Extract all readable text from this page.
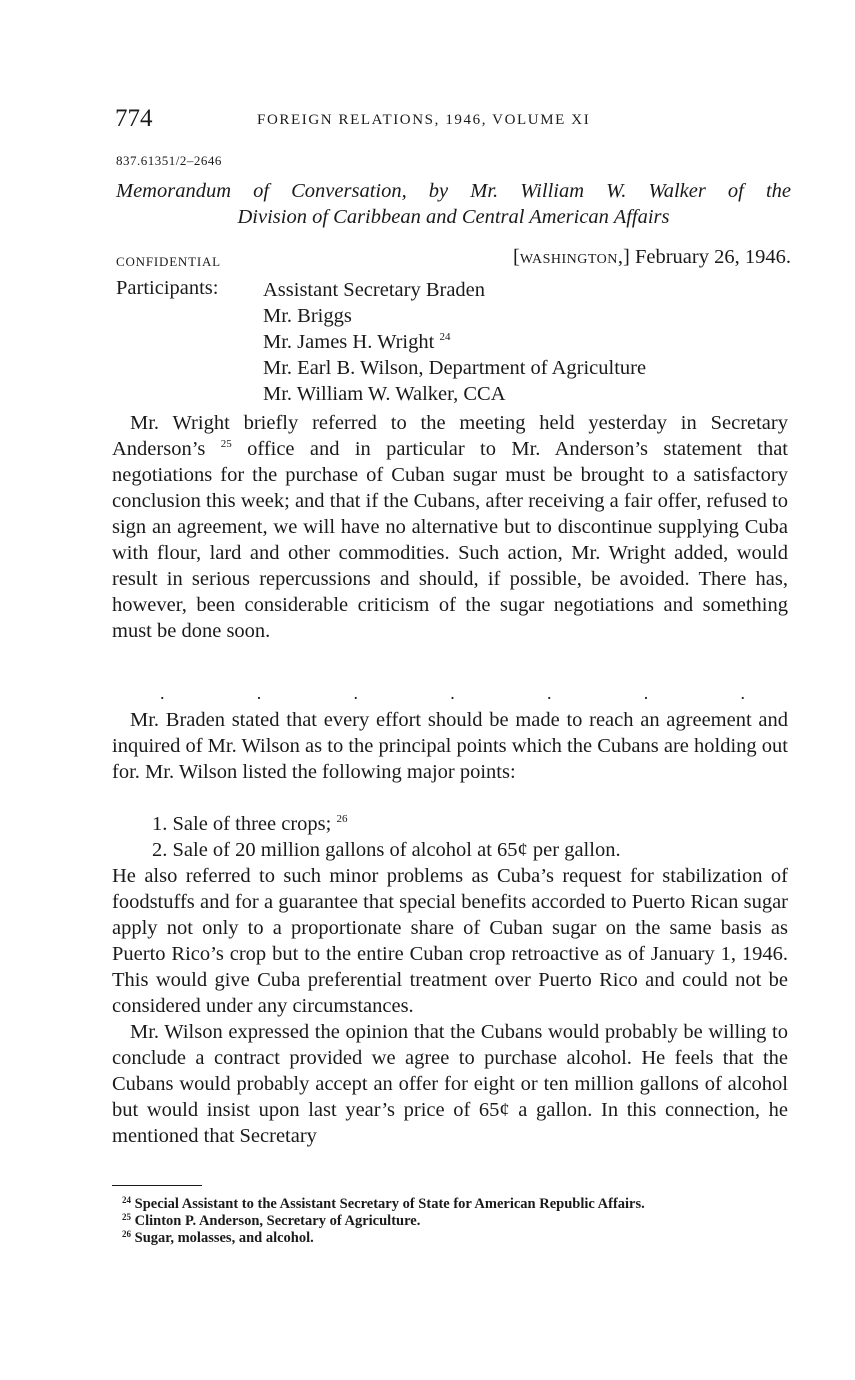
774	FOREIGN RELATIONS, 1946, VOLUME XI
837.61351/2–2646
Memorandum of Conversation, by Mr. William W. Walker of the
Division of Caribbean and Central American Affairs
CONFIDENTIAL	[WASHINGTON,] February 26, 1946.
Participants: Assistant Secretary Braden
Mr. Briggs
Mr. James H. Wright $^{24}$
Mr. Earl B. Wilson, Department of Agriculture
Mr. William W. Walker, CCA

Mr. Wright briefly referred to the meeting held yesterday in Secretary Anderson’s $^{25}$ office and in particular to Mr. Anderson’s statement that negotiations for the purchase of Cuban sugar must be brought to a satisfactory conclusion this week; and that if the Cubans, after receiving a fair offer, refused to sign an agreement, we will have no alternative but to discontinue supplying Cuba with flour, lard and other commodities. Such action, Mr. Wright added, would result in serious repercussions and should, if possible, be avoided. There has, however, been considerable criticism of the sugar negotiations and something must be done soon.

.	.	.	.	.	.	.

Mr. Braden stated that every effort should be made to reach an agreement and inquired of Mr. Wilson as to the principal points which the Cubans are holding out for. Mr. Wilson listed the following major points:

1. Sale of three crops; $^{26}$
2. Sale of 20 million gallons of alcohol at 65¢ per gallon.

He also referred to such minor problems as Cuba’s request for stabilization of foodstuffs and for a guarantee that special benefits accorded to Puerto Rican sugar apply not only to a proportionate share of Cuban sugar on the same basis as Puerto Rico’s crop but to the entire Cuban crop retroactive as of January 1, 1946. This would give Cuba preferential treatment over Puerto Rico and could not be considered under any circumstances.

Mr. Wilson expressed the opinion that the Cubans would probably be willing to conclude a contract provided we agree to purchase alcohol. He feels that the Cubans would probably accept an offer for eight or ten million gallons of alcohol but would insist upon last year’s price of 65¢ a gallon. In this connection, he mentioned that Secretary

$^{24}$ Special Assistant to the Assistant Secretary of State for American Republic Affairs.

$^{25}$ Clinton P. Anderson, Secretary of Agriculture.

$^{26}$ Sugar, molasses, and alcohol.
